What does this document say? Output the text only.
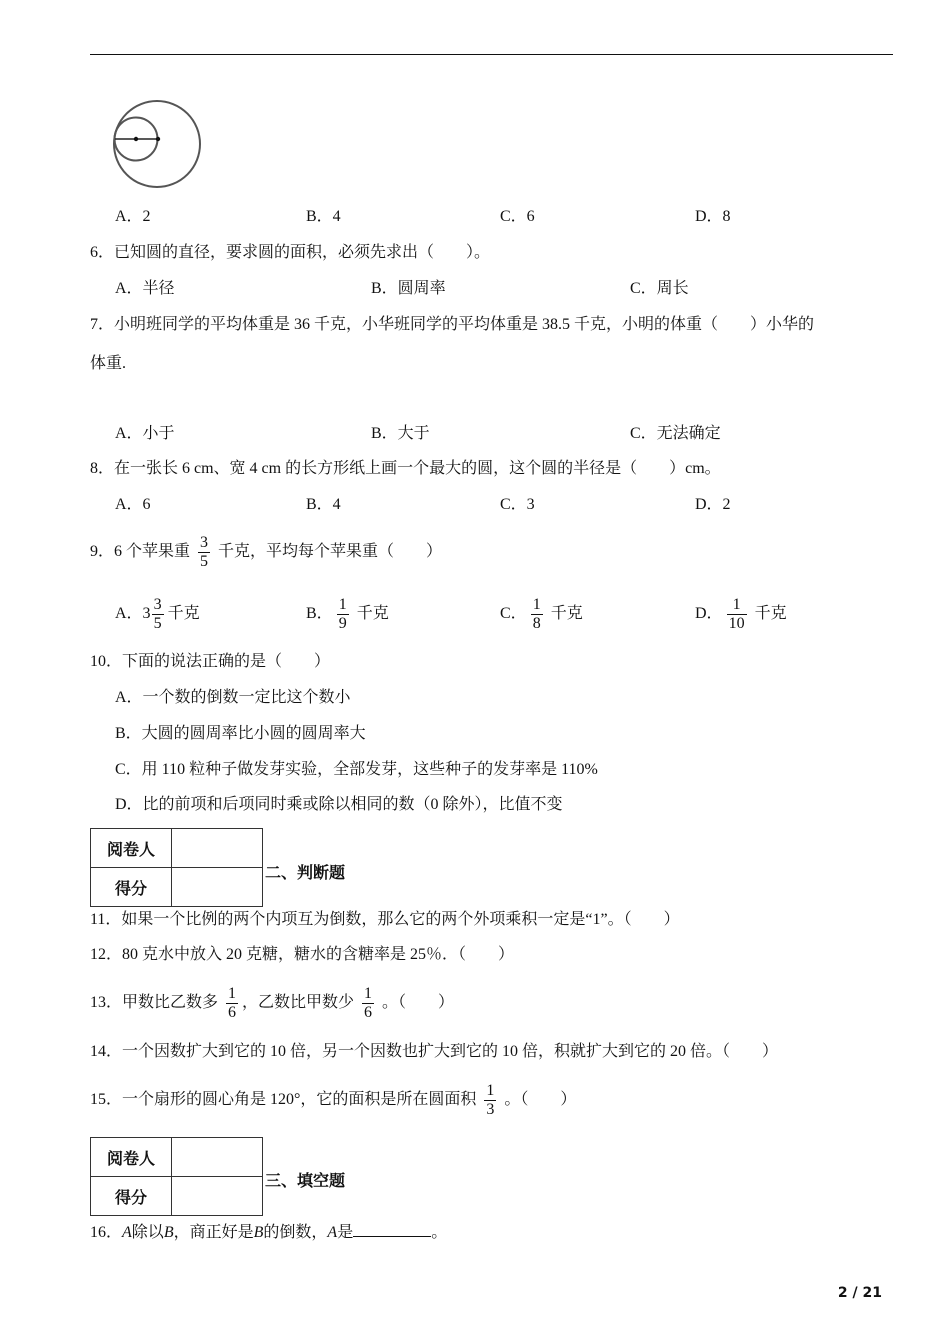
A．2	B．4	C．6	D．8
6．已知圆的直径，要求圆的面积，必须先求出（　　）。
A．半径	B．圆周率	C．周长
7．小明班同学的平均体重是 36 千克，小华班同学的平均体重是 38.5 千克，小明的体重（　　）小华的
体重.
A．小于	B．大于	C．无法确定
8．在一张长 6 cm、宽 4 cm 的长方形纸上画一个最大的圆，这个圆的半径是（　　）cm。
A．6	B．4	C．3	D．2
9．6 个苹果重 $\frac{3}{5}$ 千克，平均每个苹果重（　　）
A．$3 \frac{3}{5}$ 千克	B． $\frac{1}{9}$ 千克	C． $\frac{1}{8}$ 千克	D． $\frac{1}{10}$ 千克
10．下面的说法正确的是（　　）
A．一个数的倒数一定比这个数小
B．大圆的圆周率比小圆的圆周率大
C．用 110 粒种子做发芽实验，全部发芽，这些种子的发芽率是 110%
D．比的前项和后项同时乘或除以相同的数（0 除外），比值不变
阅卷人	
得分	
二、判断题
11．如果一个比例的两个内项互为倒数，那么它的两个外项乘积一定是“1”。（　　）
12．80 克水中放入 20 克糖，糖水的含糖率是 25％．（　　）
13．甲数比乙数多 $\frac{1}{6}$ ，乙数比甲数少 $\frac{1}{6}$ 。（　　）
14．一个因数扩大到它的 10 倍，另一个因数也扩大到它的 10 倍，积就扩大到它的 20 倍。（　　）
15．一个扇形的圆心角是 120°，它的面积是所在圆面积 $\frac{1}{3}$ 。（　　）
阅卷人	
得分	
三、填空题
16．A除以B，商正好是B的倒数，A是	。
2 / 21
